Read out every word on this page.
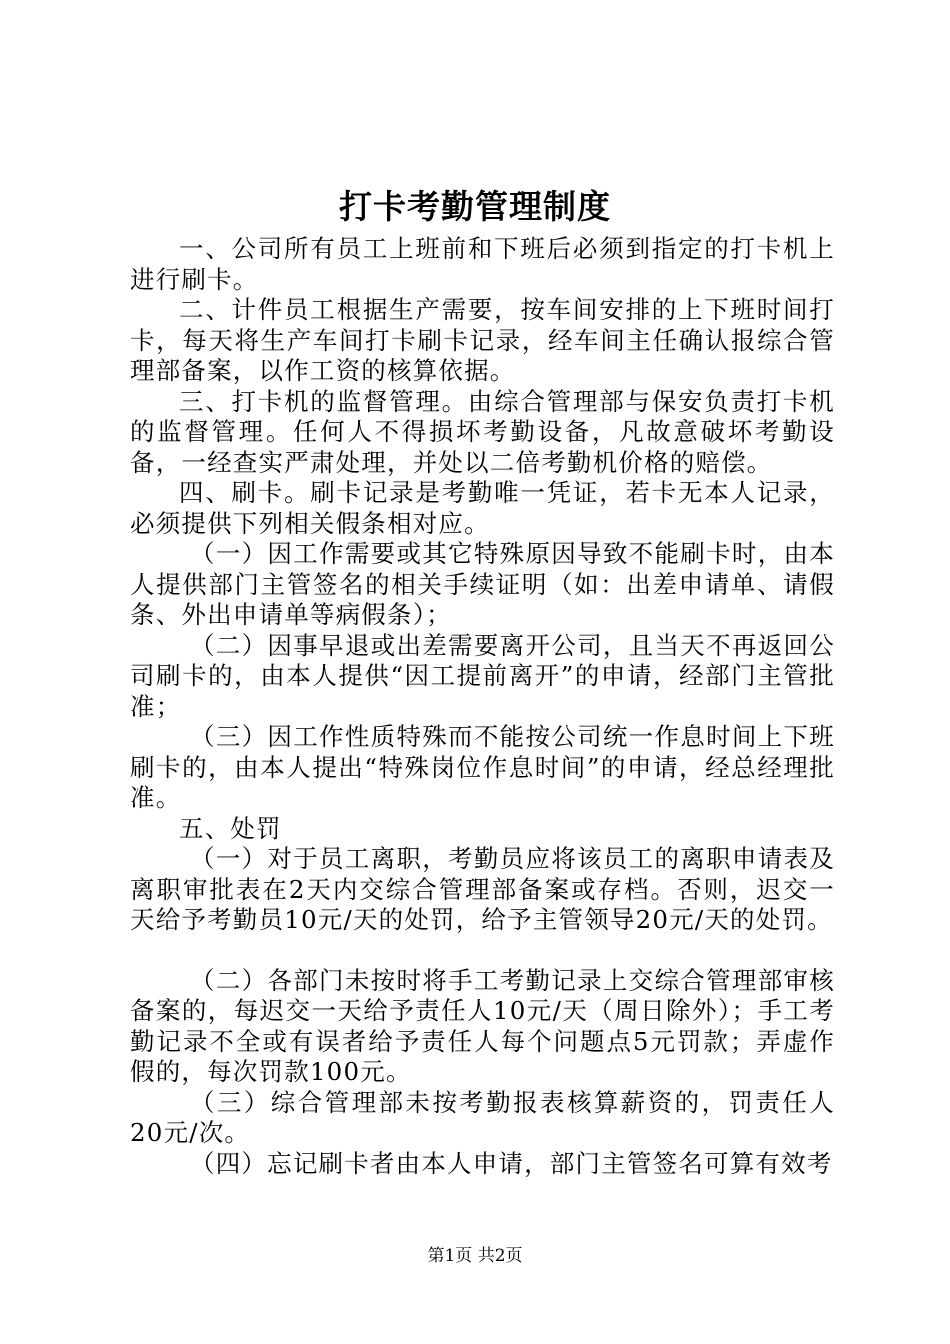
打卡考勤管理制度

一、公司所有员工上班前和下班后必须到指定的打卡机上进行刷卡。

二、计件员工根据生产需要，按车间安排的上下班时间打卡，每天将生产车间打卡刷卡记录，经车间主任确认报综合管理部备案，以作工资的核算依据。

三、打卡机的监督管理。由综合管理部与保安负责打卡机的监督管理。任何人不得损坏考勤设备，凡故意破坏考勤设备，一经查实严肃处理，并处以二倍考勤机价格的赔偿。

四、刷卡。刷卡记录是考勤唯一凭证，若卡无本人记录，必须提供下列相关假条相对应。

（一）因工作需要或其它特殊原因导致不能刷卡时，由本人提供部门主管签名的相关手续证明（如：出差申请单、请假条、外出申请单等病假条）；

（二）因事早退或出差需要离开公司，且当天不再返回公司刷卡的，由本人提供“因工提前离开”的申请，经部门主管批准；

（三）因工作性质特殊而不能按公司统一作息时间上下班刷卡的，由本人提出“特殊岗位作息时间”的申请，经总经理批准。

五、处罚

（一）对于员工离职，考勤员应将该员工的离职申请表及离职审批表在2天内交综合管理部备案或存档。否则，迟交一天给予考勤员10元/天的处罚，给予主管领导20元/天的处罚。

（二）各部门未按时将手工考勤记录上交综合管理部审核备案的，每迟交一天给予责任人10元/天（周日除外）；手工考勤记录不全或有误者给予责任人每个问题点5元罚款；弄虚作假的，每次罚款100元。

（三）综合管理部未按考勤报表核算薪资的，罚责任人20元/次。

（四）忘记刷卡者由本人申请，部门主管签名可算有效考

第1页 共2页
